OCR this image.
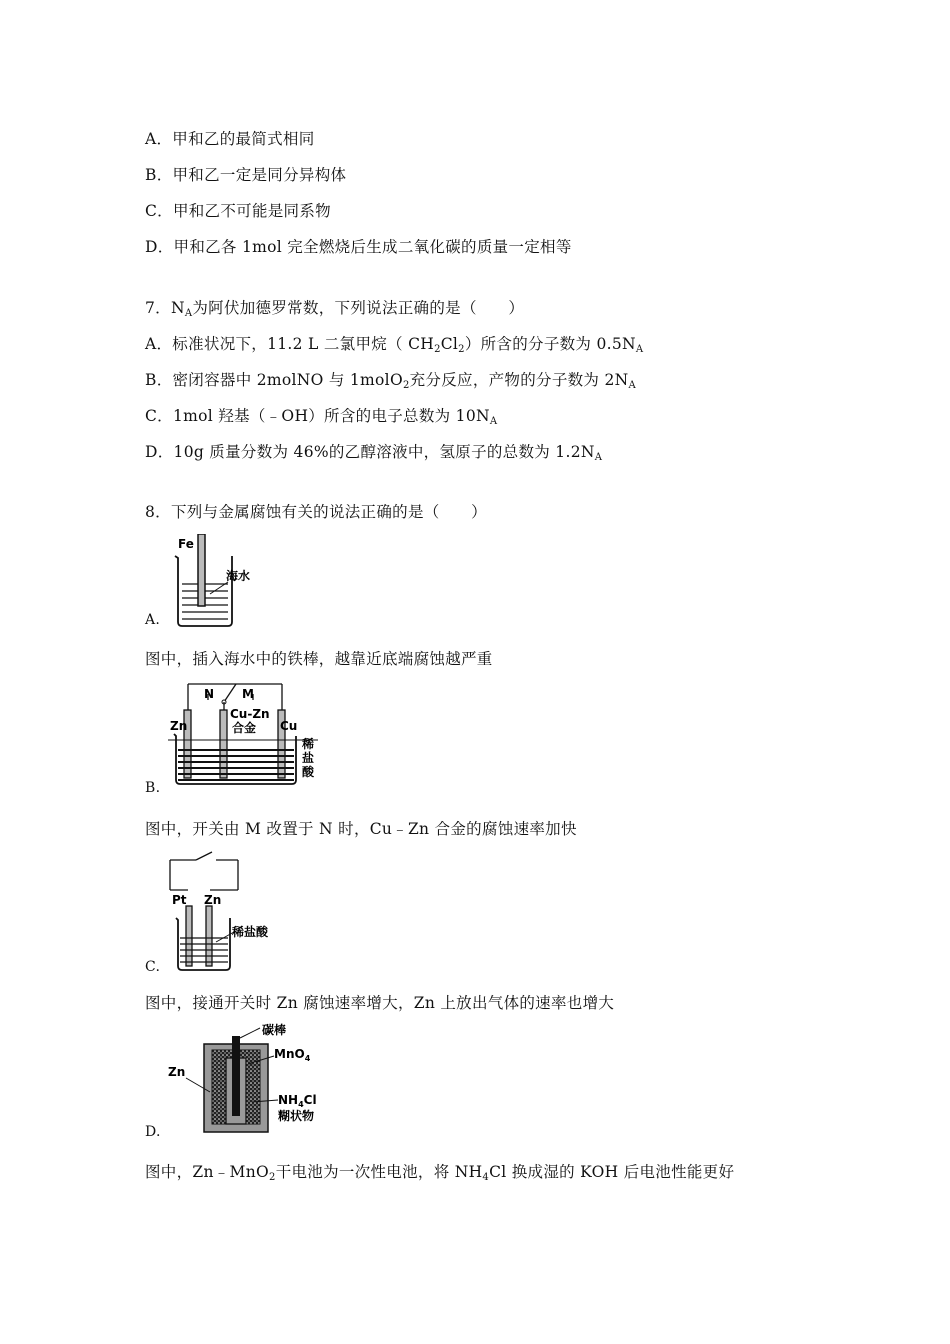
A．甲和乙的最简式相同
B．甲和乙一定是同分异构体
C．甲和乙不可能是同系物
D．甲和乙各 1mol 完全燃烧后生成二氧化碳的质量一定相等
7．$N_A$为阿伏加德罗常数，下列说法正确的是（　　）
A．标准状况下，11.2 L 二氯甲烷（ $CH_2Cl_2$）所含的分子数为 $0.5N_A$
B．密闭容器中 2molNO 与 1molO$_2$充分反应，产物的分子数为 $2N_A$
C．1mol 羟基（﹣OH）所含的电子总数为 $10N_A$
D．10g 质量分数为 46%的乙醇溶液中，氢原子的总数为 $1.2N_A$
8．下列与金属腐蚀有关的说法正确的是（　　）
Fe
海水
A.
图中，插入海水中的铁棒，越靠近底端腐蚀越严重
N M
Zn
Cu-Zn
合金 Cu
稀
盐
酸
B.
图中，开关由 M 改置于 N 时，Cu﹣Zn 合金的腐蚀速率加快
Pt Zn
稀盐酸
C.
图中，接通开关时 Zn 腐蚀速率增大，Zn 上放出气体的速率也增大
碳棒
MnO$_4$
Zn
$NH_4Cl$
糊状物
D.
图中，Zn﹣MnO$_2$干电池为一次性电池，将 $NH_4Cl$ 换成湿的 KOH 后电池性能更好
